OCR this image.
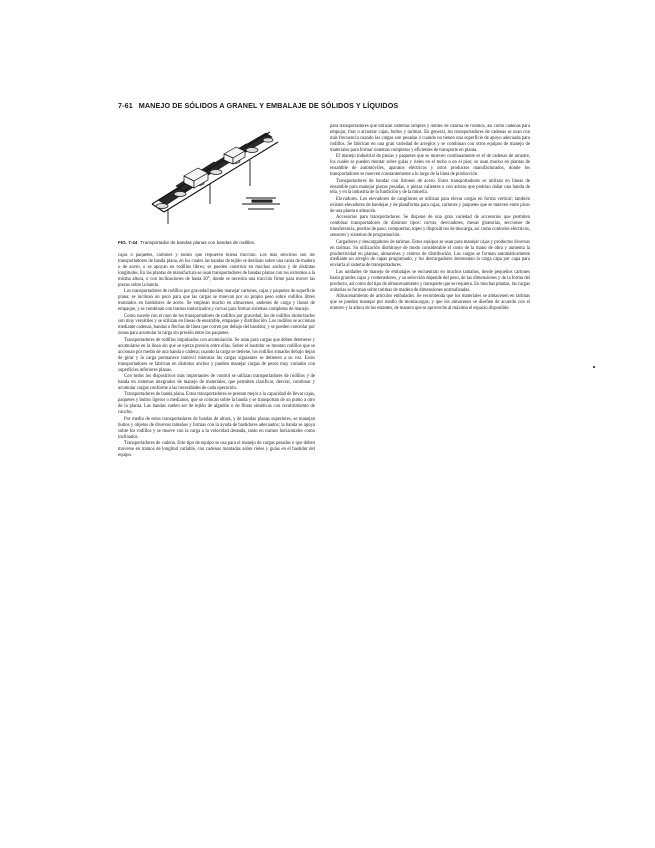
7-61 MANEJO DE SÓLIDOS A GRANEL Y EMBALAJE DE SÓLIDOS Y LÍQUIDOS
FIG. 7-44 Transportador de bandas planas con bandas de rodillos.

cajas o paquetes, cartones y bultos que requieren buena tracción. Los más sencillos son los transportadores de banda plana, en los cuales las bandas de tejido se deslizan sobre una cama de madera o de acero, o se apoyan en rodillos libres; se pueden construir en muchos anchos y de distintas longitudes. En las plantas de manufactura se usan transportadores de bandas planas con los extremos a la misma altura, o con inclinaciones de hasta 30°, donde se necesita una tracción firme para mover las piezas sobre la banda.

Los transportadores de rodillos por gravedad pueden manejar cartones, cajas y paquetes de superficie plana; se inclinan un poco para que las cargas se muevan por su propio peso sobre rodillos libres montados en bastidores de acero. Se emplean mucho en almacenes, andenes de carga y líneas de empaque, y se combinan con tramos motorizados y curvas para formar sistemas completos de manejo.

Como sucede con el caso de los transportadores de rodillos por gravedad, los de rodillos motorizados son muy versátiles y se utilizan en líneas de ensamble, empaque y distribución. Los rodillos se accionan mediante cadenas, bandas o flechas de línea que corren por debajo del bastidor, y se pueden controlar por zonas para acumular la carga sin presión entre los paquetes.

Transportadores de rodillos impulsados con acumulación. Se usan para cargas que deben detenerse y acumularse en la línea sin que se ejerza presión entre ellas. Sobre el bastidor se montan rodillos que se accionan por medio de una banda o cadena; cuando la carga se detiene, los rodillos situados debajo dejan de girar y la carga permanece inmóvil mientras las cargas siguientes se detienen a su vez. Estos transportadores se fabrican en distintos anchos y pueden manejar cargas de pesos muy variados con superficies inferiores planas.

Con todos los dispositivos más importantes de control se utilizan transportadores de rodillos y de banda en sistemas integrados de manejo de materiales, que permiten clasificar, desviar, combinar y acumular cargas conforme a las necesidades de cada operación.

Transportadores de banda plana. Estos transportadores se prestan mejor a la capacidad de llevar cajas, paquetes y bultos ligeros o medianos, que se colocan sobre la banda y se transportan de un punto a otro de la planta. Las bandas suelen ser de tejido de algodón o de fibras sintéticas con recubrimiento de caucho.

Por medio de estos transportadores de bandas de altura, y de bandas planas superiores, se manejan bultos y objetos de diversos tamaños y formas con la ayuda de bastidores adecuados; la banda se apoya sobre los rodillos y se mueve con la carga a la velocidad deseada, tanto en tramos horizontales como inclinados.

Transportadores de cadena. Este tipo de equipo se usa para el manejo de cargas pesadas o que deben moverse en tramos de longitud variable, con cadenas montadas sobre rieles y guías en el bastidor del equipo.

para transportadores que utilizan sistemas simples y dobles de cadena de rodillos, así como cadenas para empujar, tirar o arrastrar cajas, bultos y tarimas. En general, los transportadores de cadenas se usan con más frecuencia cuando las cargas son pesadas o cuando no tienen una superficie de apoyo adecuada para rodillos. Se fabrican en una gran variedad de arreglos y se combinan con otros equipos de manejo de materiales para formar sistemas completos y eficientes de transporte en planta.

El manejo industrial de piezas y paquetes que se mueven continuamente es el de cadenas de arrastre, los cuales se pueden montar sobre guías y rieles en el techo o en el piso; se usan mucho en plantas de ensamble de automóviles, aparatos eléctricos y otros productos manufacturados, donde los transportadores se mueven constantemente a lo largo de la línea de producción.

Transportadores de bandas con listones de acero. Estos transportadores se utilizan en líneas de ensamble para manejar piezas pesadas, o piezas calientes o con aristas que podrían dañar una banda de tela, y en la industria de la fundición y de la minería.

Elevadores. Los elevadores de cangilones se utilizan para elevar cargas en forma vertical; también existen elevadores de bandejas y de plataforma para cajas, cartones y paquetes que se mueven entre pisos de una planta o almacén.

Accesorios para transportadores. Se dispone de una gran variedad de accesorios que permiten combinar transportadores de distintos tipos: curvas, desviadores, mesas giratorias, secciones de transferencia, puertas de paso, compuertas, topes y dispositivos de descarga, así como controles eléctricos, sensores y sistemas de programación.

Cargadores y descargadores de tarimas. Estos equipos se usan para manejar cajas y productos diversos en tarimas. Su utilización disminuye de modo considerable el costo de la mano de obra y aumenta la productividad en plantas, almacenes y centros de distribución. Las cargas se forman automáticamente mediante un arreglo de capas programado, y los descargadores desmontan la carga capa por capa para enviarla al sistema de transportadores.

Las unidades de manejo de embalajes se encuentran en muchos tamaños, desde pequeños cartones hasta grandes cajas y contenedores, y su selección depende del peso, de las dimensiones y de la forma del producto, así como del tipo de almacenamiento y transporte que se requiera. En muchas plantas, las cargas unitarias se forman sobre tarimas de madera de dimensiones normalizadas.

Almacenamiento de artículos embalados. Se recomienda que los materiales se almacenen en tarimas que se pueden manejar por medio de montacargas, y que los almacenes se diseñen de acuerdo con el número y la altura de los estantes, de manera que se aproveche al máximo el espacio disponible.
